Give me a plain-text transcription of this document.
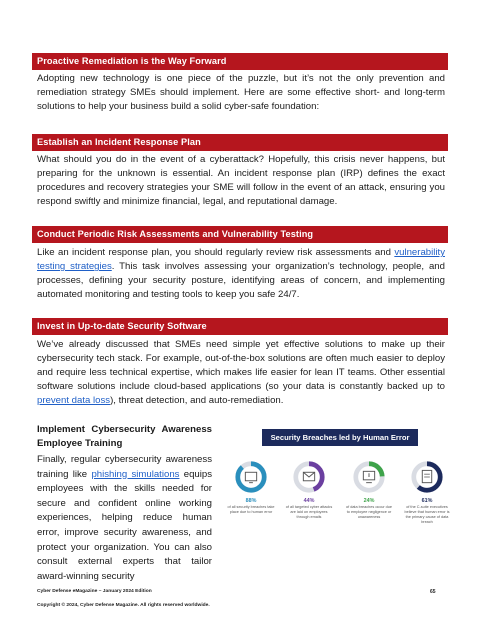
Proactive Remediation is the Way Forward

Adopting new technology is one piece of the puzzle, but it’s not the only prevention and remediation strategy SMEs should implement. Here are some effective short- and long-term solutions to help your business build a solid cyber-safe foundation:

Establish an Incident Response Plan

What should you do in the event of a cyberattack? Hopefully, this crisis never happens, but preparing for the unknown is essential. An incident response plan (IRP) defines the exact procedures and recovery strategies your SME will follow in the event of an attack, ensuring you respond swiftly and minimize financial, legal, and reputational damage.

Conduct Periodic Risk Assessments and Vulnerability Testing

Like an incident response plan, you should regularly review risk assessments and vulnerability testing strategies. This task involves assessing your organization’s technology, people, and processes, defining your security posture, identifying areas of concern, and implementing automated monitoring and testing tools to keep you safe 24/7.

Invest in Up-to-date Security Software

We’ve already discussed that SMEs need simple yet effective solutions to make up their cybersecurity tech stack. For example, out-of-the-box solutions are often much easier to deploy and require less technical expertise, which makes life easier for lean IT teams. Other essential software solutions include cloud-based applications (so your data is constantly backed up to prevent data loss), threat detection, and auto-remediation.

Implement Cybersecurity Awareness
Employee Training

Finally, regular cybersecurity awareness training like phishing simulations equips employees with the skills needed for secure and confident online working experiences, helping reduce human error, improve security awareness, and protect your organization. You can also consult external experts that tailor award-winning security

Security Breaches led by Human Error
88%
of all security breaches take place due to human error
44%
of all targeted cyber attacks are laid on employees through emails
24%
of data breaches occur due to employee negligence or unawareness
61%
of the C-suite executives believe that human error is the primary cause of data breach
Cyber Defense eMagazine – January 2024 Edition
Copyright © 2024, Cyber Defense Magazine. All rights reserved worldwide.
65
